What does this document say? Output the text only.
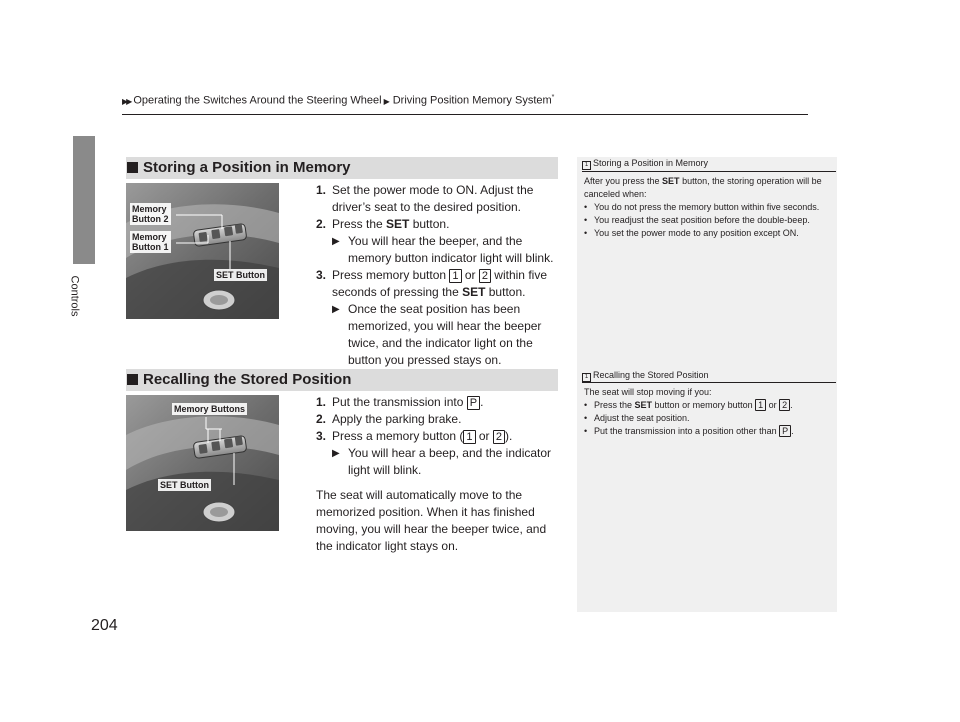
▶▶ Operating the Switches Around the Steering Wheel ▶ Driving Position Memory System*
Controls
204
Storing a Position in Memory
Memory
Button 2
Memory
Button 1
SET Button

1. Set the power mode to ON. Adjust the driver’s seat to the desired position.

2. Press the SET button.

▶ You will hear the beeper, and the memory button indicator light will blink.

3. Press memory button 1 or 2 within five seconds of pressing the SET button.

▶ Once the seat position has been memorized, you will hear the beeper twice, and the indicator light on the button you pressed stays on.

1 Storing a Position in Memory

After you press the SET button, the storing operation will be canceled when:

• You do not press the memory button within five seconds.
• You readjust the seat position before the double-beep.
• You set the power mode to any position except ON.
Recalling the Stored Position
Memory Buttons
SET Button

1. Put the transmission into P .

2. Apply the parking brake.

3. Press a memory button ( 1 or 2 ).

▶ You will hear a beep, and the indicator light will blink.

The seat will automatically move to the memorized position. When it has finished moving, you will hear the beeper twice, and the indicator light stays on.
1 Recalling the Stored Position

The seat will stop moving if you:

• Press the SET button or memory button 1 or 2 .
• Adjust the seat position.
• Put the transmission into a position other than P .
